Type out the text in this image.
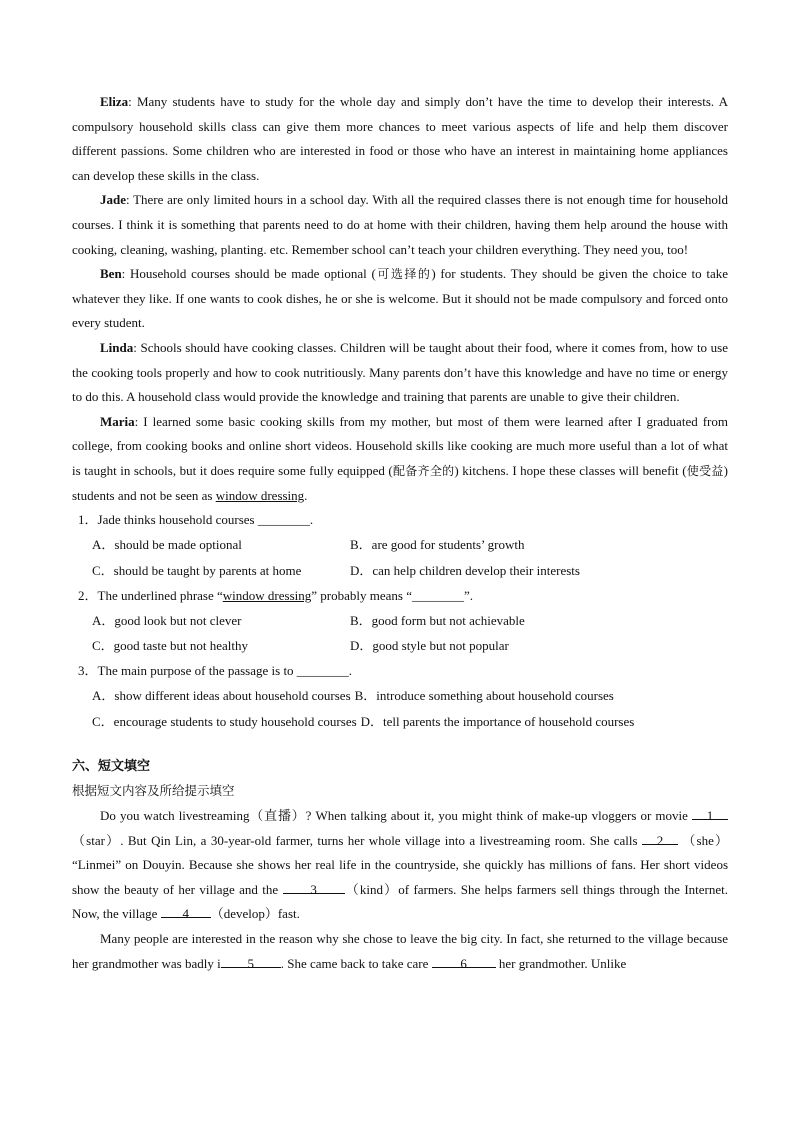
Eliza: Many students have to study for the whole day and simply don’t have the time to develop their interests. A compulsory household skills class can give them more chances to meet various aspects of life and help them discover different passions. Some children who are interested in food or those who have an interest in maintaining home appliances can develop these skills in the class.

Jade: There are only limited hours in a school day. With all the required classes there is not enough time for household courses. I think it is something that parents need to do at home with their children, having them help around the house with cooking, cleaning, washing, planting. etc. Remember school can’t teach your children everything. They need you, too!

Ben: Household courses should be made optional (可选择的) for students. They should be given the choice to take whatever they like. If one wants to cook dishes, he or she is welcome. But it should not be made compulsory and forced onto every student.

Linda: Schools should have cooking classes. Children will be taught about their food, where it comes from, how to use the cooking tools properly and how to cook nutritiously. Many parents don’t have this knowledge and have no time or energy to do this. A household class would provide the knowledge and training that parents are unable to give their children.

Maria: I learned some basic cooking skills from my mother, but most of them were learned after I graduated from college, from cooking books and online short videos. Household skills like cooking are much more useful than a lot of what is taught in schools, but it does require some fully equipped (配备齐全的) kitchens. I hope these classes will benefit (使受益) students and not be seen as window dressing.

1．Jade thinks household courses ________.

A．should be made optional	B．are good for students’ growth
C．should be taught by parents at home	D．can help children develop their interests

2．The underlined phrase “window dressing” probably means “________”.

A．good look but not clever	B．good form but not achievable
C．good taste but not healthy	D．good style but not popular

3．The main purpose of the passage is to ________.

A．show different ideas about household courses B．introduce something about household courses
C．encourage students to study household courses D．tell parents the importance of household courses

六、短文填空

根据短文内容及所给提示填空

Do you watch livestreaming（直播）? When talking about it, you might think of make-up vloggers or movie 1 （star）. But Qin Lin, a 30-year-old farmer, turns her whole village into a livestreaming room. She calls 2 （she） “Linmei” on Douyin. Because she shows her real life in the countryside, she quickly has millions of fans. Her short videos show the beauty of her village and the 3 （kind）of farmers. She helps farmers sell things through the Internet. Now, the village 4 （develop）fast.

Many people are interested in the reason why she chose to leave the big city. In fact, she returned to the village because her grandmother was badly i 5 . She came back to take care 6 her grandmother. Unlike
